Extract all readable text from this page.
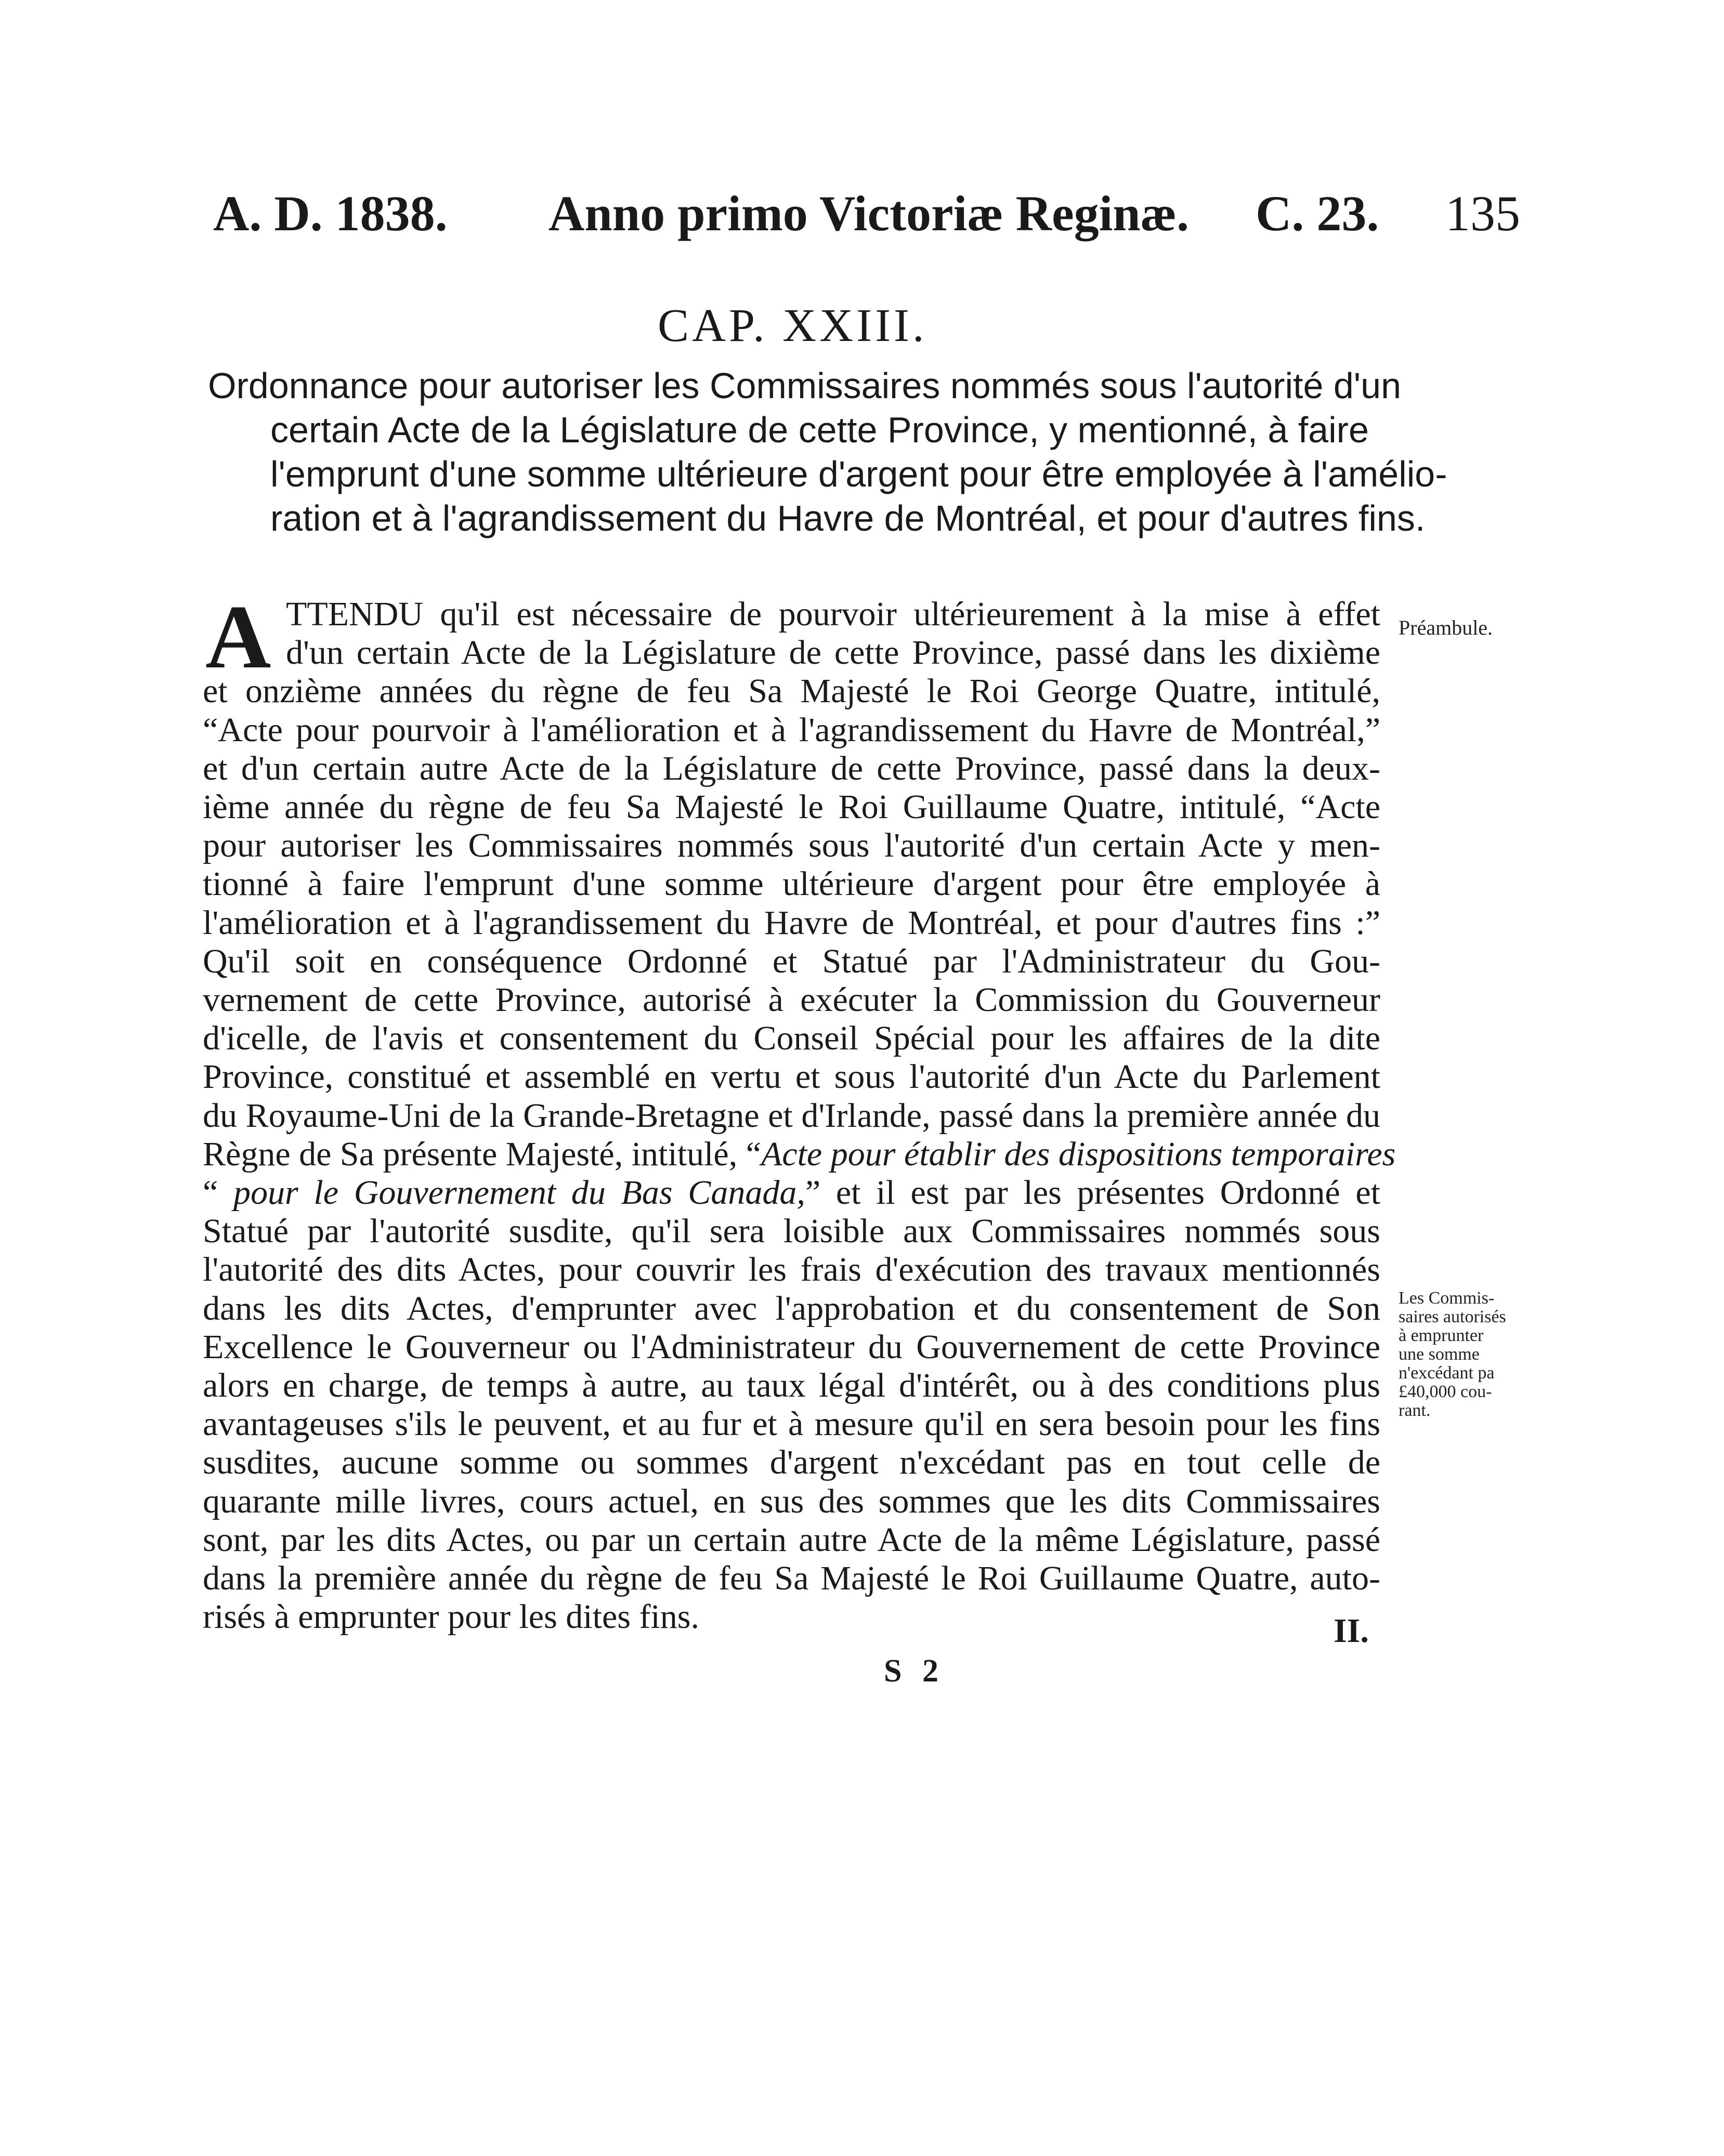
A. D. 1838. Anno primo Victoriæ Reginæ. C. 23. 135
CAP. XXIII.
Ordonnance pour autoriser les Commissaires nommés sous l'autorité d'un
certain Acte de la Législature de cette Province, y mentionné, à faire
l'emprunt d'une somme ultérieure d'argent pour être employée à l'amélio-
ration et à l'agrandissement du Havre de Montréal, et pour d'autres fins.
A TTENDU qu'il est nécessaire de pourvoir ultérieurement à la mise à effet
d'un certain Acte de la Législature de cette Province, passé dans les dixième
et onzième années du règne de feu Sa Majesté le Roi George Quatre, intitulé,
“Acte pour pourvoir à l'amélioration et à l'agrandissement du Havre de Montréal,”
et d'un certain autre Acte de la Législature de cette Province, passé dans la deux-
ième année du règne de feu Sa Majesté le Roi Guillaume Quatre, intitulé, “Acte
pour autoriser les Commissaires nommés sous l'autorité d'un certain Acte y men-
tionné à faire l'emprunt d'une somme ultérieure d'argent pour être employée à
l'amélioration et à l'agrandissement du Havre de Montréal, et pour d'autres fins :”
Qu'il soit en conséquence Ordonné et Statué par l'Administrateur du Gou-
vernement de cette Province, autorisé à exécuter la Commission du Gouverneur
d'icelle, de l'avis et consentement du Conseil Spécial pour les affaires de la dite
Province, constitué et assemblé en vertu et sous l'autorité d'un Acte du Parlement
du Royaume-Uni de la Grande-Bretagne et d'Irlande, passé dans la première année du
Règne de Sa présente Majesté, intitulé, “Acte pour établir des dispositions temporaires
“ pour le Gouvernement du Bas Canada,” et il est par les présentes Ordonné et
Statué par l'autorité susdite, qu'il sera loisible aux Commissaires nommés sous
l'autorité des dits Actes, pour couvrir les frais d'exécution des travaux mentionnés
dans les dits Actes, d'emprunter avec l'approbation et du consentement de Son
Excellence le Gouverneur ou l'Administrateur du Gouvernement de cette Province
alors en charge, de temps à autre, au taux légal d'intérêt, ou à des conditions plus
avantageuses s'ils le peuvent, et au fur et à mesure qu'il en sera besoin pour les fins
susdites, aucune somme ou sommes d'argent n'excédant pas en tout celle de
quarante mille livres, cours actuel, en sus des sommes que les dits Commissaires
sont, par les dits Actes, ou par un certain autre Acte de la même Législature, passé
dans la première année du règne de feu Sa Majesté le Roi Guillaume Quatre, auto-
risés à emprunter pour les dites fins.
Préambule.
Les Commis-
saires autorisés
à emprunter
une somme
n'excédant pa
£40,000 cou-
rant.
II.
S 2
